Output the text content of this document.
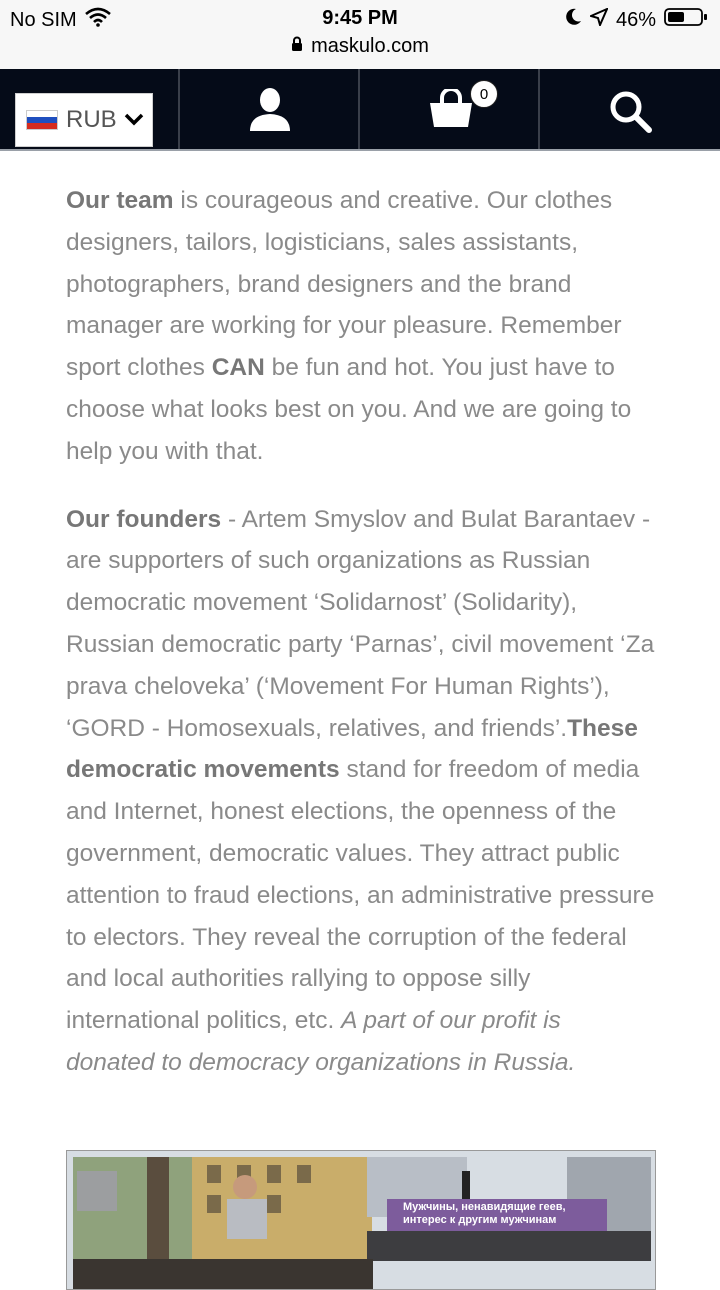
No SIM	9:45 PM	46%
maskulo.com
RUB
0

Our team is courageous and creative. Our clothes designers, tailors, logisticians, sales assistants, photographers, brand designers and the brand manager are working for your pleasure. Remember sport clothes CAN be fun and hot. You just have to choose what looks best on you. And we are going to help you with that.

Our founders - Artem Smyslov and Bulat Barantaev - are supporters of such organizations as Russian democratic movement ‘Solidarnost’ (Solidarity), Russian democratic party ‘Parnas’, civil movement ‘Za prava cheloveka’ (‘Movement For Human Rights’), ‘GORD - Homosexuals, relatives, and friends’.These democratic movements stand for freedom of media and Internet, honest elections, the openness of the government, democratic values. They attract public attention to fraud elections, an administrative pressure to electors. They reveal the corruption of the federal and local authorities rallying to oppose silly international politics, etc. A part of our profit is donated to democracy organizations in Russia.

Мужчины, ненавидящие геев,
интерес к другим мужчинам
